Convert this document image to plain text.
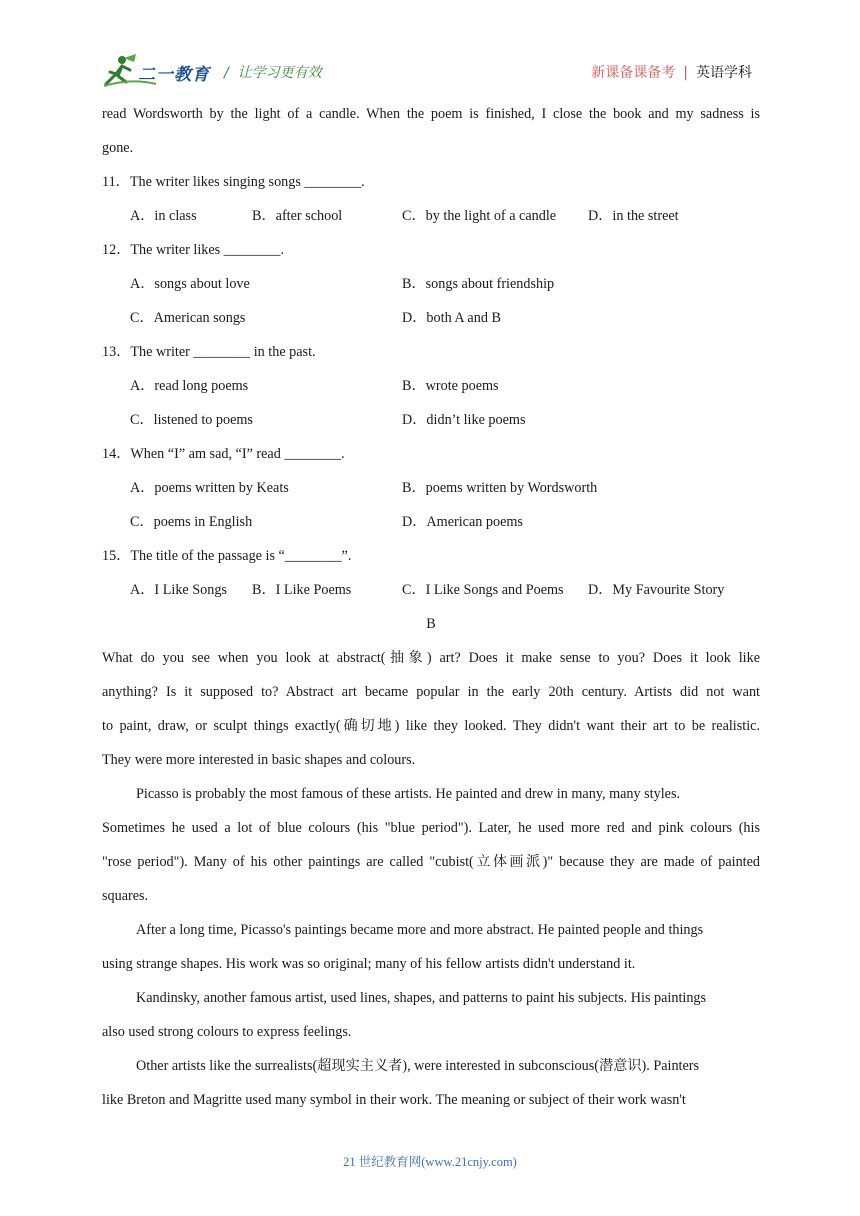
二一教育 /  让学习更有效	新课备课备考 | 英语学科
read Wordsworth by the light of a candle. When the poem is finished, I close the book and my sadness is
gone.
11．The writer likes singing songs ________.
A．in class	B．after school	C．by the light of a candle D．in the street
12．The writer likes ________.
A．songs about love	B．songs about friendship
C．American songs	D．both A and B
13．The writer ________ in the past.
A．read long poems	B．wrote poems
C．listened to poems	D．didn’t like poems
14．When “I” am sad, “I” read ________.
A．poems written by Keats	B．poems written by Wordsworth
C．poems in English	D．American poems
15．The title of the passage is “________”.
A．I Like Songs B．I Like Poems	C．I Like Songs and Poems D．My Favourite Story
B
What do you see when you look at abstract(抽象) art? Does it make sense to you? Does it look like
anything? Is it supposed to? Abstract art became popular in the early 20th century. Artists did not want
to paint, draw, or sculpt things exactly(确切地) like they looked. They didn't want their art to be realistic.
They were more interested in basic shapes and colours.
Picasso is probably the most famous of these artists. He painted and drew in many, many styles.
Sometimes he used a lot of blue colours (his "blue period"). Later, he used more red and pink colours (his
"rose period"). Many of his other paintings are called "cubist(立体画派)" because they are made of painted
squares.
After a long time, Picasso's paintings became more and more abstract. He painted people and things
using strange shapes. His work was so original; many of his fellow artists didn't understand it.
Kandinsky, another famous artist, used lines, shapes, and patterns to paint his subjects. His paintings
also used strong colours to express feelings.
Other artists like the surrealists(超现实主义者), were interested in subconscious(潜意识). Painters
like Breton and Magritte used many symbol in their work. The meaning or subject of their work wasn't
21 世纪教育网(www.21cnjy.com)
